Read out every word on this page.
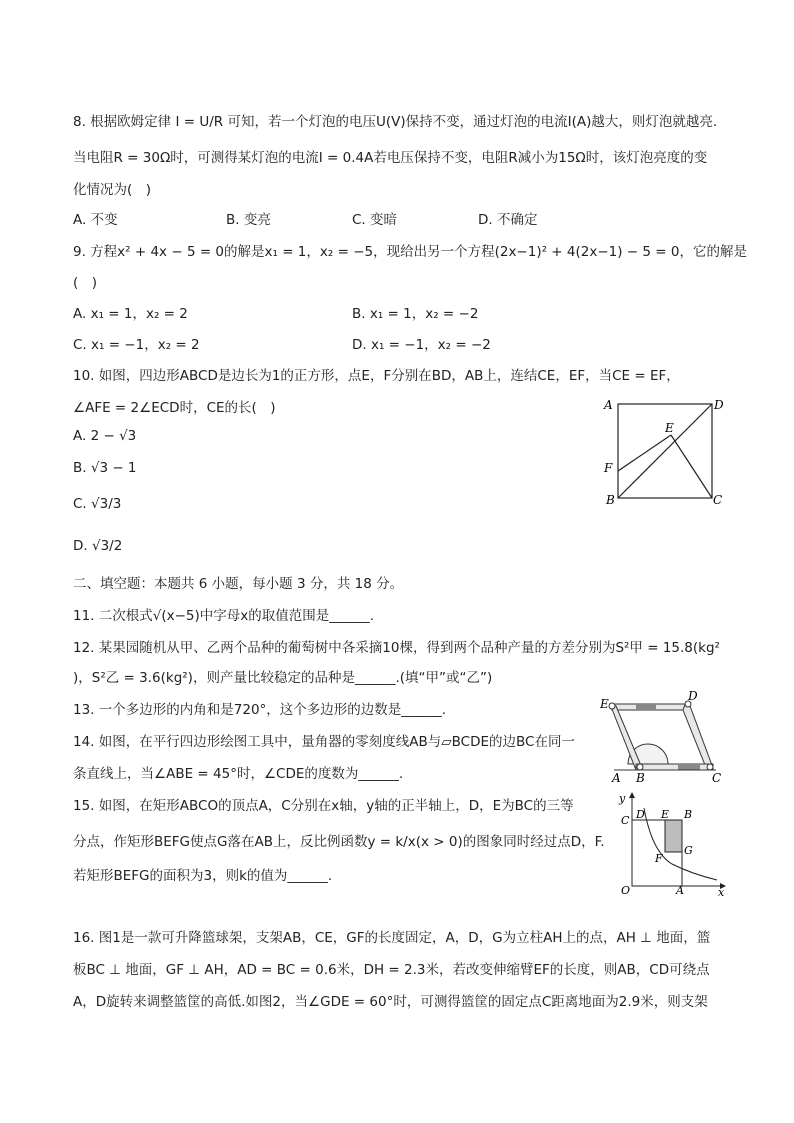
8. 根据欧姆定律 I = U/R 可知，若一个灯泡的电压U(V)保持不变，通过灯泡的电流I(A)越大，则灯泡就越亮.
当电阻R = 30Ω时，可测得某灯泡的电流I = 0.4A若电压保持不变，电阻R减小为15Ω时，该灯泡亮度的变
化情况为(　)
A. 不变	B. 变亮	C. 变暗	D. 不确定
9. 方程x² + 4x − 5 = 0的解是x₁ = 1，x₂ = −5，现给出另一个方程(2x−1)² + 4(2x−1) − 5 = 0，它的解是
(　)
A. x₁ = 1，x₂ = 2	B. x₁ = 1，x₂ = −2
C. x₁ = −1，x₂ = 2	D. x₁ = −1，x₂ = −2
10. 如图，四边形ABCD是边长为1的正方形，点E，F分别在BD，AB上，连结CE，EF，当CE = EF，
∠AFE = 2∠ECD时，CE的长(　)
A. 2 − √3
B. √3 − 1
C. √3/3
D. √3/2
A	D
E
F
B	C
二、填空题：本题共 6 小题，每小题 3 分，共 18 分。
11. 二次根式√(x−5)中字母x的取值范围是______.
12. 某果园随机从甲、乙两个品种的葡萄树中各采摘10棵，得到两个品种产量的方差分别为S²甲 = 15.8(kg²
)，S²乙 = 3.6(kg²)，则产量比较稳定的品种是______.(填“甲”或“乙”)
13. 一个多边形的内角和是720°，这个多边形的边数是______.
14. 如图，在平行四边形绘图工具中，量角器的零刻度线AB与▱BCDE的边BC在同一
条直线上，当∠ABE = 45°时，∠CDE的度数为______.
E
D
A B	C
15. 如图，在矩形ABCO的顶点A，C分别在x轴，y轴的正半轴上，D，E为BC的三等
分点，作矩形BEFG使点G落在AB上，反比例函数y = k/x(x > 0)的图象同时经过点D，F.
若矩形BEFG的面积为3，则k的值为______.
y
C D E B
F
G
O	A	x
16. 图1是一款可升降篮球架，支架AB，CE，GF的长度固定，A，D，G为立柱AH上的点，AH ⊥ 地面，篮
板BC ⊥ 地面，GF ⊥ AH，AD = BC = 0.6米，DH = 2.3米，若改变伸缩臂EF的长度，则AB，CD可绕点
A，D旋转来调整篮筐的高低.如图2，当∠GDE = 60°时，可测得篮筐的固定点C距离地面为2.9米，则支架
